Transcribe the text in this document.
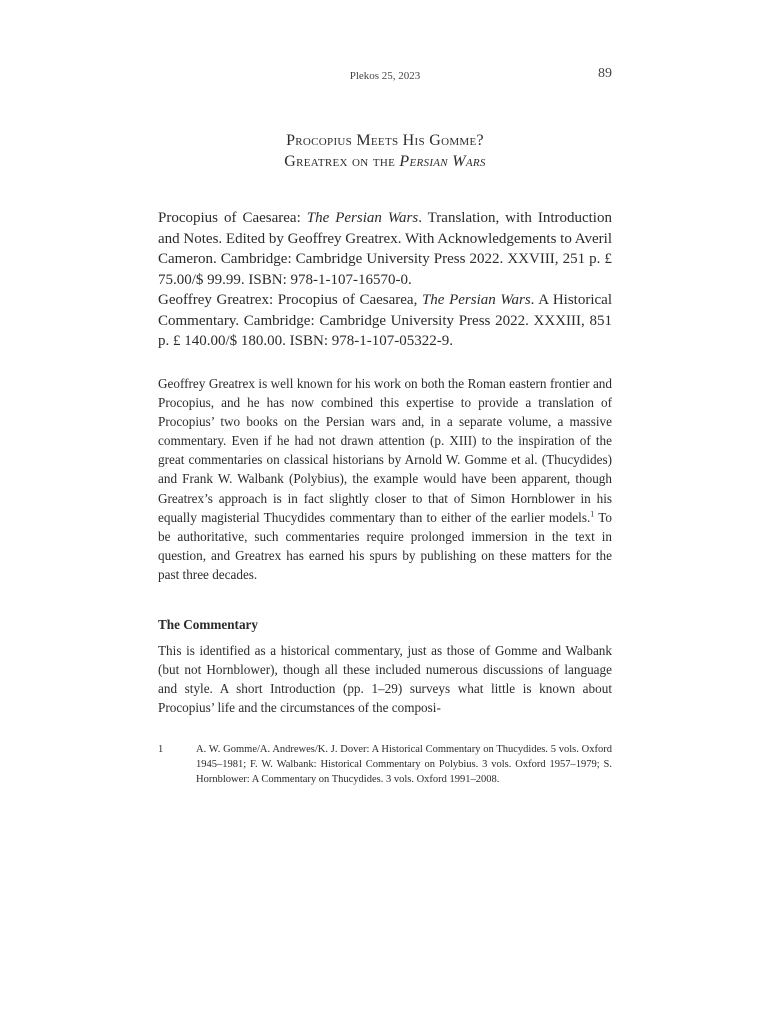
Plekos 25, 2023	89
Procopius Meets His Gomme?
Greatrex on the Persian Wars
Procopius of Caesarea: The Persian Wars. Translation, with Introduction and Notes. Edited by Geoffrey Greatrex. With Acknowledgements to Averil Cameron. Cambridge: Cambridge University Press 2022. XXVIII, 251 p. £ 75.00/$ 99.99. ISBN: 978-1-107-16570-0.
Geoffrey Greatrex: Procopius of Caesarea, The Persian Wars. A Historical Commentary. Cambridge: Cambridge University Press 2022. XXXIII, 851 p. £ 140.00/$ 180.00. ISBN: 978-1-107-05322-9.
Geoffrey Greatrex is well known for his work on both the Roman eastern frontier and Procopius, and he has now combined this expertise to provide a translation of Procopius’ two books on the Persian wars and, in a separate volume, a massive commentary. Even if he had not drawn attention (p. XIII) to the inspiration of the great commentaries on classical historians by Arnold W. Gomme et al. (Thucydides) and Frank W. Walbank (Polybius), the example would have been apparent, though Greatrex’s approach is in fact slightly closer to that of Simon Hornblower in his equally magisterial Thucydides commentary than to either of the earlier models.$^1$ To be authoritative, such commentaries require prolonged immersion in the text in question, and Greatrex has earned his spurs by publishing on these matters for the past three decades.
The Commentary
This is identified as a historical commentary, just as those of Gomme and Walbank (but not Hornblower), though all these included numerous discussions of language and style. A short Introduction (pp. 1–29) surveys what little is known about Procopius’ life and the circumstances of the composi-
1	A. W. Gomme/A. Andrewes/K. J. Dover: A Historical Commentary on Thucydides. 5 vols. Oxford 1945–1981; F. W. Walbank: Historical Commentary on Polybius. 3 vols. Oxford 1957–1979; S. Hornblower: A Commentary on Thucydides. 3 vols. Oxford 1991–2008.
